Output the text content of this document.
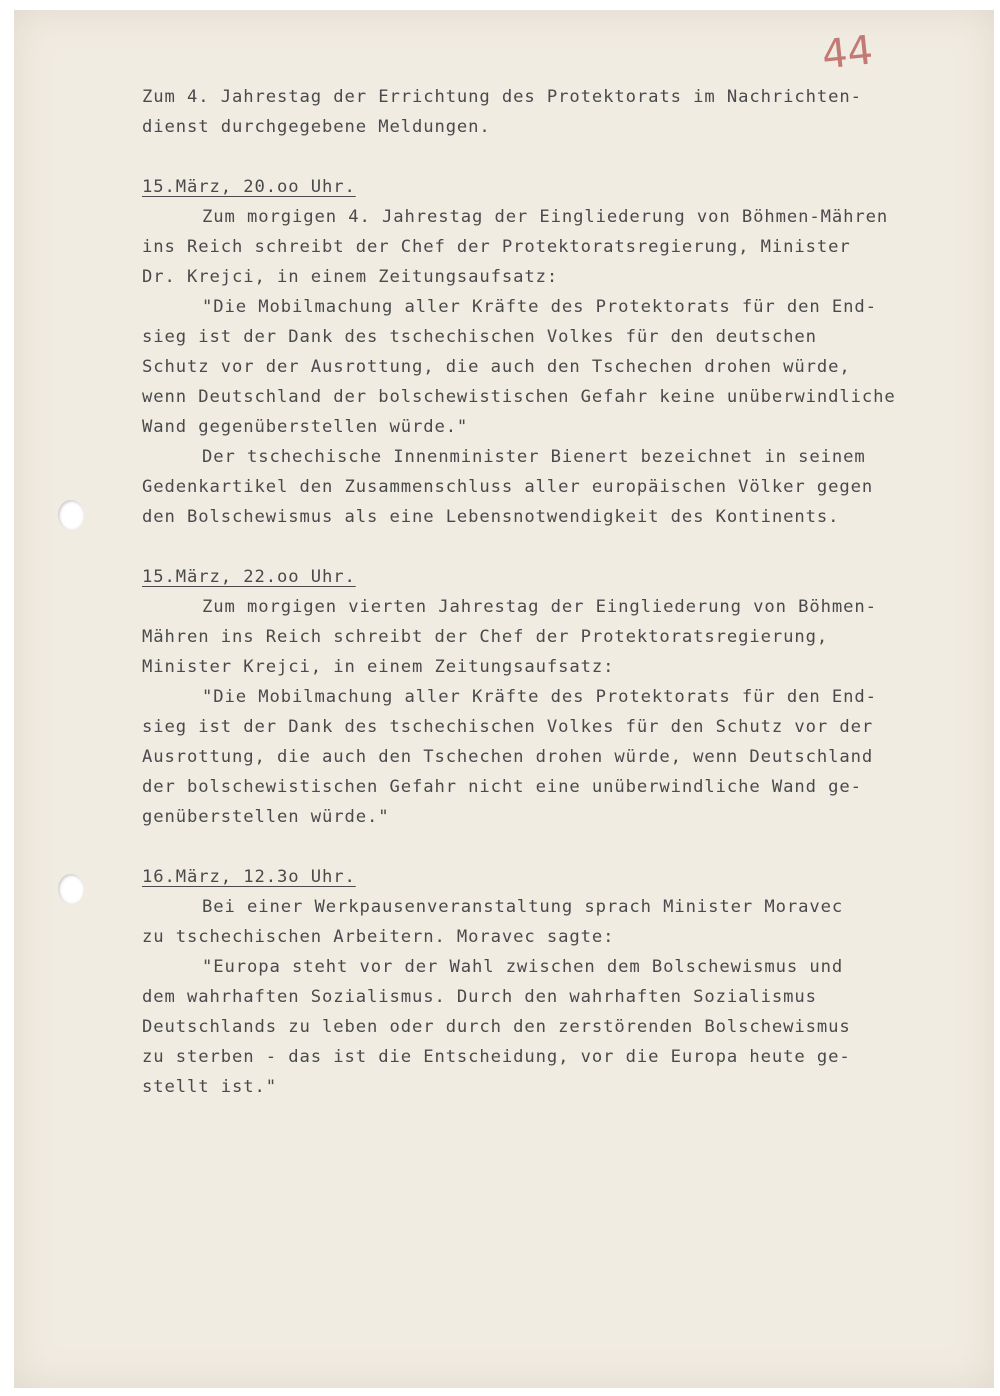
44
Zum 4. Jahrestag der Errichtung des Protektorats im Nachrichten-
dienst durchgegebene Meldungen.
15.März, 20.oo Uhr.
Zum morgigen 4. Jahrestag der Eingliederung von Böhmen-Mähren
ins Reich schreibt der Chef der Protektoratsregierung, Minister
Dr. Krejci, in einem Zeitungsaufsatz:
"Die Mobilmachung aller Kräfte des Protektorats für den End-
sieg ist der Dank des tschechischen Volkes für den deutschen
Schutz vor der Ausrottung, die auch den Tschechen drohen würde,
wenn Deutschland der bolschewistischen Gefahr keine unüberwindliche
Wand gegenüberstellen würde."
Der tschechische Innenminister Bienert bezeichnet in seinem
Gedenkartikel den Zusammenschluss aller europäischen Völker gegen
den Bolschewismus als eine Lebensnotwendigkeit des Kontinents.
15.März, 22.oo Uhr.
Zum morgigen vierten Jahrestag der Eingliederung von Böhmen-
Mähren ins Reich schreibt der Chef der Protektoratsregierung,
Minister Krejci, in einem Zeitungsaufsatz:
"Die Mobilmachung aller Kräfte des Protektorats für den End-
sieg ist der Dank des tschechischen Volkes für den Schutz vor der
Ausrottung, die auch den Tschechen drohen würde, wenn Deutschland
der bolschewistischen Gefahr nicht eine unüberwindliche Wand ge-
genüberstellen würde."
16.März, 12.3o Uhr.
Bei einer Werkpausenveranstaltung sprach Minister Moravec
zu tschechischen Arbeitern. Moravec sagte:
"Europa steht vor der Wahl zwischen dem Bolschewismus und
dem wahrhaften Sozialismus. Durch den wahrhaften Sozialismus
Deutschlands zu leben oder durch den zerstörenden Bolschewismus
zu sterben - das ist die Entscheidung, vor die Europa heute ge-
stellt ist."
